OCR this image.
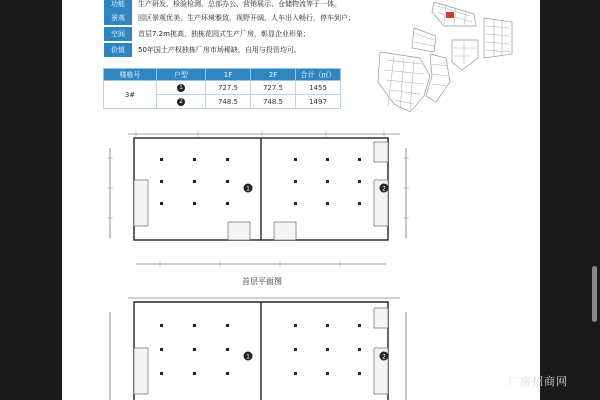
功能	生产研发、检验检测、总部办公、营销展示、仓储物流等于一体。
景观	园区景观优美，生产环境雅致，视野开阔，人车出入畅行，停车到户；
空间	首层7.2m挑高，独栋花园式生产厂房，彰显企业形象；
价值	50年国土产权独栋厂房市场稀缺，自用与投资均可。
楼栋号	户型	1F	2F	合计（㎡）
3#	1	727.5	727.5	1455
	2	748.5	748.5	1497
1	2
首层平面图
1	2
厂房招商网
